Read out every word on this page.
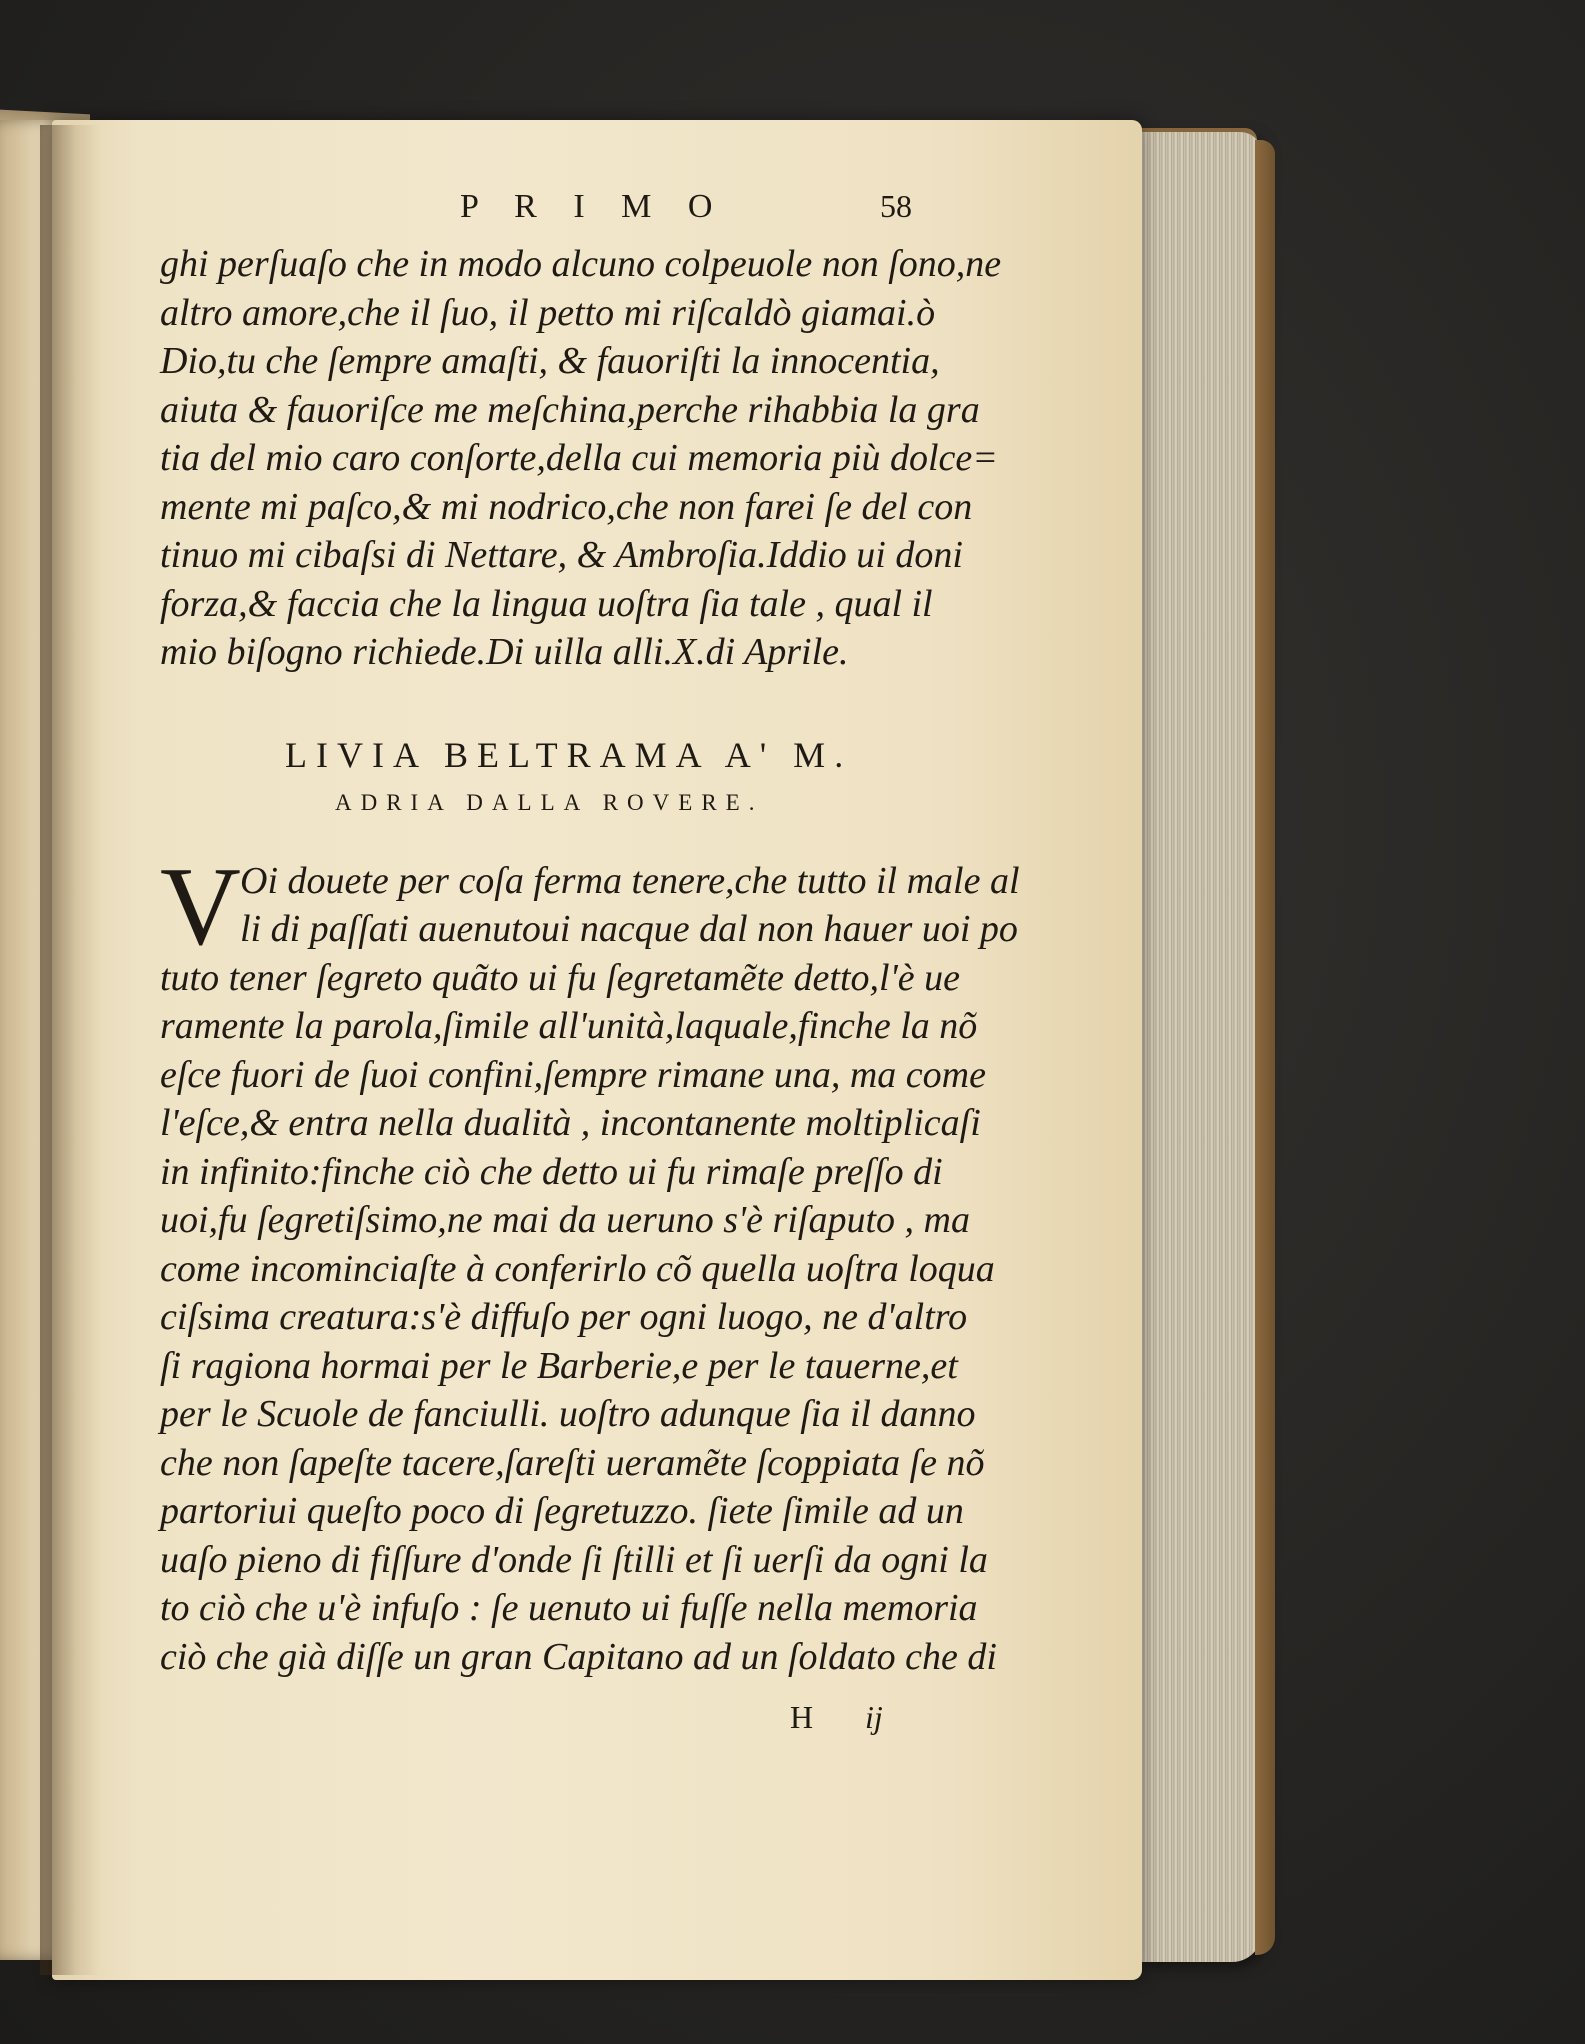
P R I M O	58

ghi perſuaſo che in modo alcuno colpeuole non ſono,ne
altro amore,che il ſuo, il petto mi riſcaldò giamai.ò
Dio,tu che ſempre amaſti, & fauoriſti la innocentia,
aiuta & fauoriſce me meſchina,perche rihabbia la gra
tia del mio caro conſorte,della cui memoria più dolce=
mente mi paſco,& mi nodrico,che non farei ſe del con
tinuo mi cibaſsi di Nettare, & Ambroſia.Iddio ui doni
forza,& faccia che la lingua uoſtra ſia tale , qual il
mio biſogno richiede.Di uilla alli.X.di Aprile.

LIVIA BELTRAMA A' M.

ADRIA DALLA ROVERE.

V Oi douete per coſa ferma tenere,che tutto il male al
li di paſſati auenutoui nacque dal non hauer uoi po
tuto tener ſegreto quãto ui fu ſegretamẽte detto,l'è ue
ramente la parola,ſimile all'unità,laquale,finche la nõ
eſce fuori de ſuoi confini,ſempre rimane una, ma come
l'eſce,& entra nella dualità , incontanente moltiplicaſi
in infinito:finche ciò che detto ui fu rimaſe preſſo di
uoi,fu ſegretiſsimo,ne mai da ueruno s'è riſaputo , ma
come incominciaſte à conferirlo cõ quella uoſtra loqua
ciſsima creatura:s'è diffuſo per ogni luogo, ne d'altro
ſi ragiona hormai per le Barberie,e per le tauerne,et
per le Scuole de fanciulli. uoſtro adunque ſia il danno
che non ſapeſte tacere,ſareſti ueramẽte ſcoppiata ſe nõ
partoriui queſto poco di ſegretuzzo. ſiete ſimile ad un
uaſo pieno di fiſſure d'onde ſi ſtilli et ſi uerſi da ogni la
to ciò che u'è infuſo : ſe uenuto ui fuſſe nella memoria
ciò che già diſſe un gran Capitano ad un ſoldato che di

H ij
